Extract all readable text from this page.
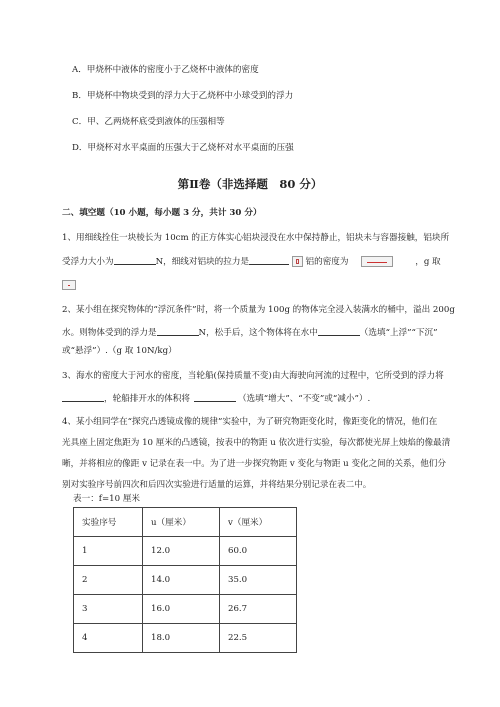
A．甲烧杯中液体的密度小于乙烧杯中液体的密度
B．甲烧杯中物块受到的浮力大于乙烧杯中小球受到的浮力
C．甲、乙两烧杯底受到液体的压强相等
D．甲烧杯对水平桌面的压强大于乙烧杯对水平桌面的压强
第Ⅱ卷（非选择题　80 分）
二、填空题（10 小题，每小题 3 分，共计 30 分）
1、用细线拴住一块棱长为 10cm 的正方体实心铝块浸没在水中保持静止，铝块未与容器接触，铝块所
受浮力大小为	N，细线对铝块的拉力是	铝的密度为	，g 取
2、某小组在探究物体的“浮沉条件”时，将一个质量为 100g 的物体完全浸入装满水的桶中，溢出 200g
水。则物体受到的浮力是	N，松手后，这个物体将在水中	（选填“上浮”“下沉”
或“悬浮”）.（g 取 10N/kg）
3、海水的密度大于河水的密度，当轮船(保持质量不变)由大海驶向河流的过程中，它所受到的浮力将
，轮船排开水的体积将	（选填“增大”、“不变”或“减小”）.
4、某小组同学在“探究凸透镜成像的规律”实验中，为了研究物距变化时，像距变化的情况，他们在
光具座上固定焦距为 10 厘米的凸透镜，按表中的物距 u 依次进行实验，每次都使光屏上烛焰的像最清
晰，并将相应的像距 v 记录在表一中。为了进一步探究物距 v 变化与物距 u 变化之间的关系，他们分
别对实验序号前四次和后四次实验进行适量的运算，并将结果分别记录在表二中。
表一：f=10 厘米
实验序号	u（厘米）	v（厘米）
1	12.0	60.0
2	14.0	35.0
3	16.0	26.7
4	18.0	22.5
